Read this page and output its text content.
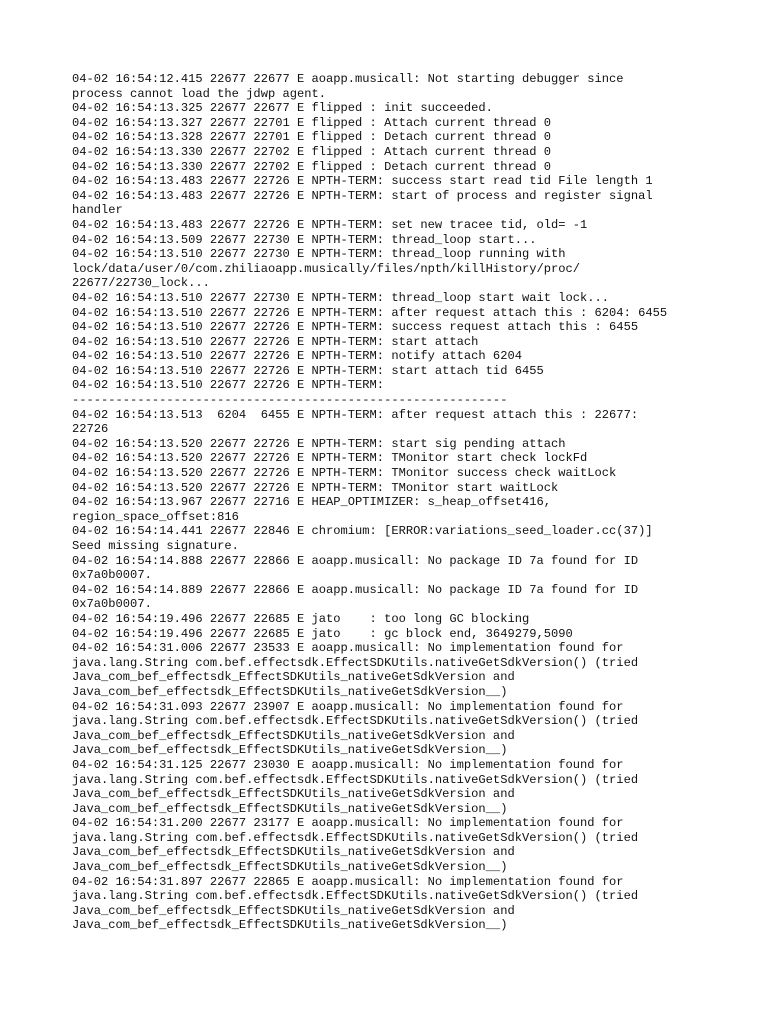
04-02 16:54:12.415 22677 22677 E aoapp.musicall: Not starting debugger since
process cannot load the jdwp agent.
04-02 16:54:13.325 22677 22677 E flipped : init succeeded.
04-02 16:54:13.327 22677 22701 E flipped : Attach current thread 0
04-02 16:54:13.328 22677 22701 E flipped : Detach current thread 0
04-02 16:54:13.330 22677 22702 E flipped : Attach current thread 0
04-02 16:54:13.330 22677 22702 E flipped : Detach current thread 0
04-02 16:54:13.483 22677 22726 E NPTH-TERM: success start read tid File length 1
04-02 16:54:13.483 22677 22726 E NPTH-TERM: start of process and register signal
handler
04-02 16:54:13.483 22677 22726 E NPTH-TERM: set new tracee tid, old= -1
04-02 16:54:13.509 22677 22730 E NPTH-TERM: thread_loop start...
04-02 16:54:13.510 22677 22730 E NPTH-TERM: thread_loop running with
lock/data/user/0/com.zhiliaoapp.musically/files/npth/killHistory/proc/
22677/22730_lock...
04-02 16:54:13.510 22677 22730 E NPTH-TERM: thread_loop start wait lock...
04-02 16:54:13.510 22677 22726 E NPTH-TERM: after request attach this : 6204: 6455
04-02 16:54:13.510 22677 22726 E NPTH-TERM: success request attach this : 6455
04-02 16:54:13.510 22677 22726 E NPTH-TERM: start attach
04-02 16:54:13.510 22677 22726 E NPTH-TERM: notify attach 6204
04-02 16:54:13.510 22677 22726 E NPTH-TERM: start attach tid 6455
04-02 16:54:13.510 22677 22726 E NPTH-TERM:
------------------------------------------------------------
04-02 16:54:13.513  6204  6455 E NPTH-TERM: after request attach this : 22677:
22726
04-02 16:54:13.520 22677 22726 E NPTH-TERM: start sig pending attach
04-02 16:54:13.520 22677 22726 E NPTH-TERM: TMonitor start check lockFd
04-02 16:54:13.520 22677 22726 E NPTH-TERM: TMonitor success check waitLock
04-02 16:54:13.520 22677 22726 E NPTH-TERM: TMonitor start waitLock
04-02 16:54:13.967 22677 22716 E HEAP_OPTIMIZER: s_heap_offset416,
region_space_offset:816
04-02 16:54:14.441 22677 22846 E chromium: [ERROR:variations_seed_loader.cc(37)]
Seed missing signature.
04-02 16:54:14.888 22677 22866 E aoapp.musicall: No package ID 7a found for ID
0x7a0b0007.
04-02 16:54:14.889 22677 22866 E aoapp.musicall: No package ID 7a found for ID
0x7a0b0007.
04-02 16:54:19.496 22677 22685 E jato    : too long GC blocking
04-02 16:54:19.496 22677 22685 E jato    : gc block end, 3649279,5090
04-02 16:54:31.006 22677 23533 E aoapp.musicall: No implementation found for
java.lang.String com.bef.effectsdk.EffectSDKUtils.nativeGetSdkVersion() (tried
Java_com_bef_effectsdk_EffectSDKUtils_nativeGetSdkVersion and
Java_com_bef_effectsdk_EffectSDKUtils_nativeGetSdkVersion__)
04-02 16:54:31.093 22677 23907 E aoapp.musicall: No implementation found for
java.lang.String com.bef.effectsdk.EffectSDKUtils.nativeGetSdkVersion() (tried
Java_com_bef_effectsdk_EffectSDKUtils_nativeGetSdkVersion and
Java_com_bef_effectsdk_EffectSDKUtils_nativeGetSdkVersion__)
04-02 16:54:31.125 22677 23030 E aoapp.musicall: No implementation found for
java.lang.String com.bef.effectsdk.EffectSDKUtils.nativeGetSdkVersion() (tried
Java_com_bef_effectsdk_EffectSDKUtils_nativeGetSdkVersion and
Java_com_bef_effectsdk_EffectSDKUtils_nativeGetSdkVersion__)
04-02 16:54:31.200 22677 23177 E aoapp.musicall: No implementation found for
java.lang.String com.bef.effectsdk.EffectSDKUtils.nativeGetSdkVersion() (tried
Java_com_bef_effectsdk_EffectSDKUtils_nativeGetSdkVersion and
Java_com_bef_effectsdk_EffectSDKUtils_nativeGetSdkVersion__)
04-02 16:54:31.897 22677 22865 E aoapp.musicall: No implementation found for
java.lang.String com.bef.effectsdk.EffectSDKUtils.nativeGetSdkVersion() (tried
Java_com_bef_effectsdk_EffectSDKUtils_nativeGetSdkVersion and
Java_com_bef_effectsdk_EffectSDKUtils_nativeGetSdkVersion__)
